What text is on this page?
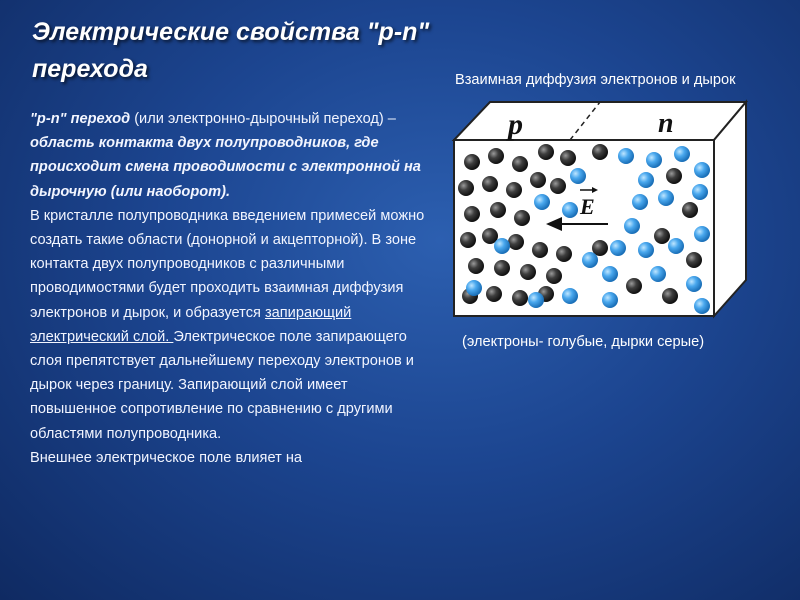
Электрические свойства "p-n" перехода

"p-n" переход (или электронно-дырочный переход) – область контакта двух полупроводников, где происходит смена проводимости с электронной на дырочную (или наоборот).

В кристалле полупроводника введением примесей можно создать такие области (донорной и акцепторной). В зоне контакта двух полупроводников с различными проводимостями будет проходить взаимная диффузия электронов и дырок, и образуется запирающий электрический слой. Электрическое поле запирающего слоя препятствует дальнейшему переходу электронов и дырок через границу. Запирающий слой имеет повышенное сопротивление по сравнению с другими областями полупроводника.

Внешнее электрическое поле влияет на

Взаимная диффузия электронов и дырок
p	n
E
(электроны- голубые, дырки серые)
